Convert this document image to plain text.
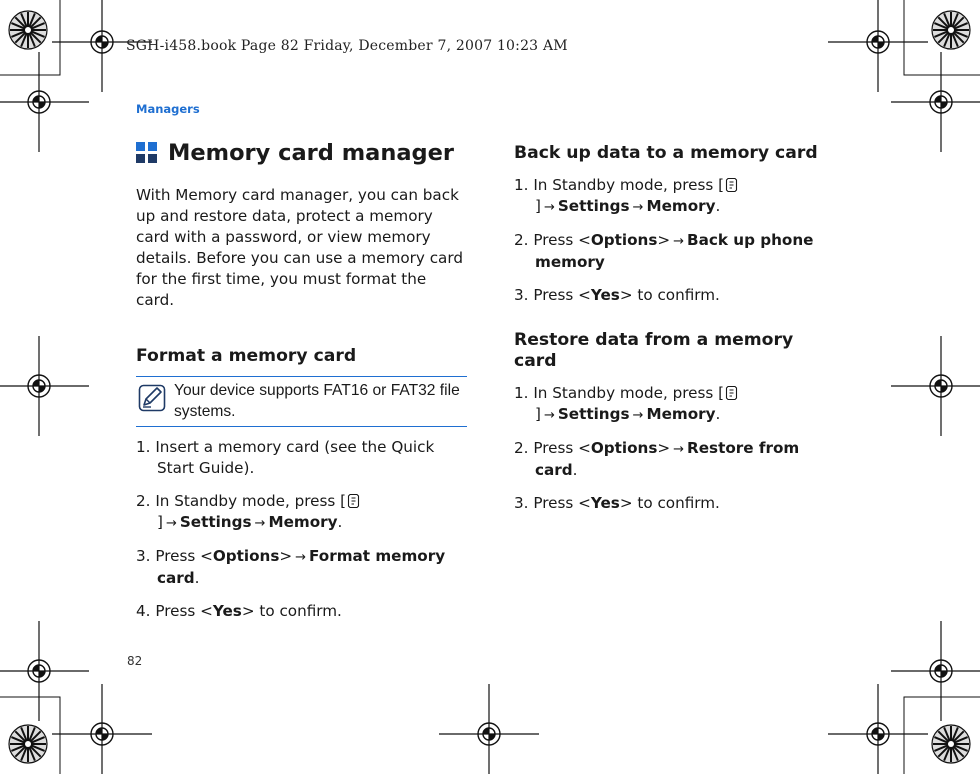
SGH-i458.book Page 82 Friday, December 7, 2007 10:23 AM
Managers
Memory card manager

With Memory card manager, you can back up and restore data, protect a memory card with a password, or view memory details. Before you can use a memory card for the first time, you must format the card.

Format a memory card
Your device supports FAT16 or FAT32 file systems.
1. Insert a memory card (see the Quick Start Guide).
2. In Standby mode, press [] → Settings → Memory.
3. Press <Options> → Format memory card.
4. Press <Yes> to confirm.
Back up data to a memory card
1. In Standby mode, press [] → Settings → Memory.
2. Press <Options> → Back up phone memory
3. Press <Yes> to confirm.
Restore data from a memory card
1. In Standby mode, press [] → Settings → Memory.
2. Press <Options> → Restore from card.
3. Press <Yes> to confirm.
82
